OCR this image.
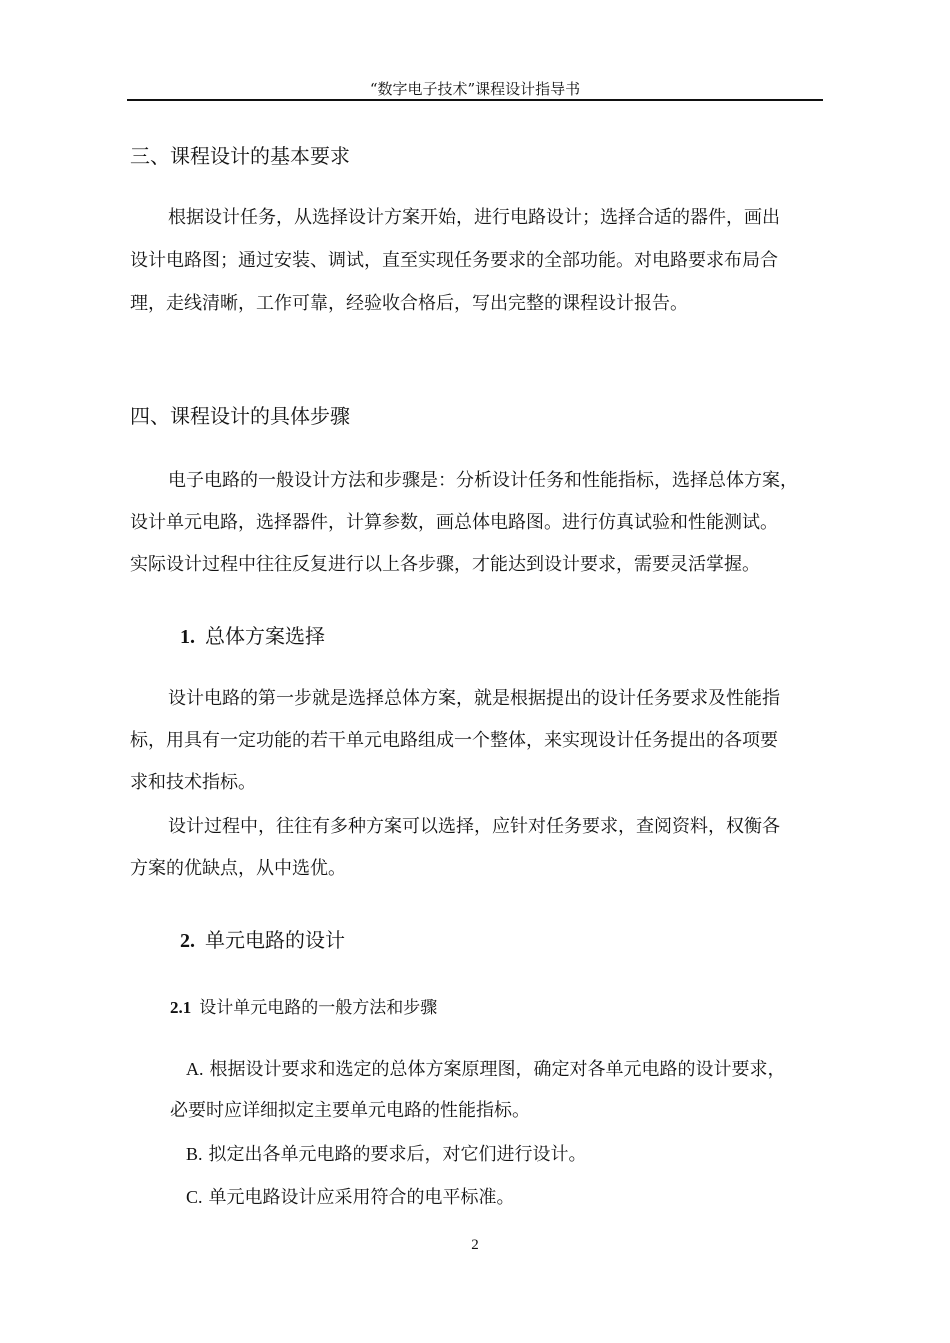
“数字电子技术”课程设计指导书
三、课程设计的基本要求
根据设计任务，从选择设计方案开始，进行电路设计；选择合适的器件，画出
设计电路图；通过安装、调试，直至实现任务要求的全部功能。对电路要求布局合
理，走线清晰，工作可靠，经验收合格后，写出完整的课程设计报告。
四、课程设计的具体步骤
电子电路的一般设计方法和步骤是：分析设计任务和性能指标，选择总体方案，
设计单元电路，选择器件，计算参数，画总体电路图。进行仿真试验和性能测试。
实际设计过程中往往反复进行以上各步骤，才能达到设计要求，需要灵活掌握。
1. 总体方案选择
设计电路的第一步就是选择总体方案，就是根据提出的设计任务要求及性能指
标，用具有一定功能的若干单元电路组成一个整体，来实现设计任务提出的各项要
求和技术指标。
设计过程中，往往有多种方案可以选择，应针对任务要求，查阅资料，权衡各
方案的优缺点，从中选优。
2. 单元电路的设计
2.1 设计单元电路的一般方法和步骤
A. 根据设计要求和选定的总体方案原理图，确定对各单元电路的设计要求，
必要时应详细拟定主要单元电路的性能指标。
B. 拟定出各单元电路的要求后，对它们进行设计。
C. 单元电路设计应采用符合的电平标准。
2
